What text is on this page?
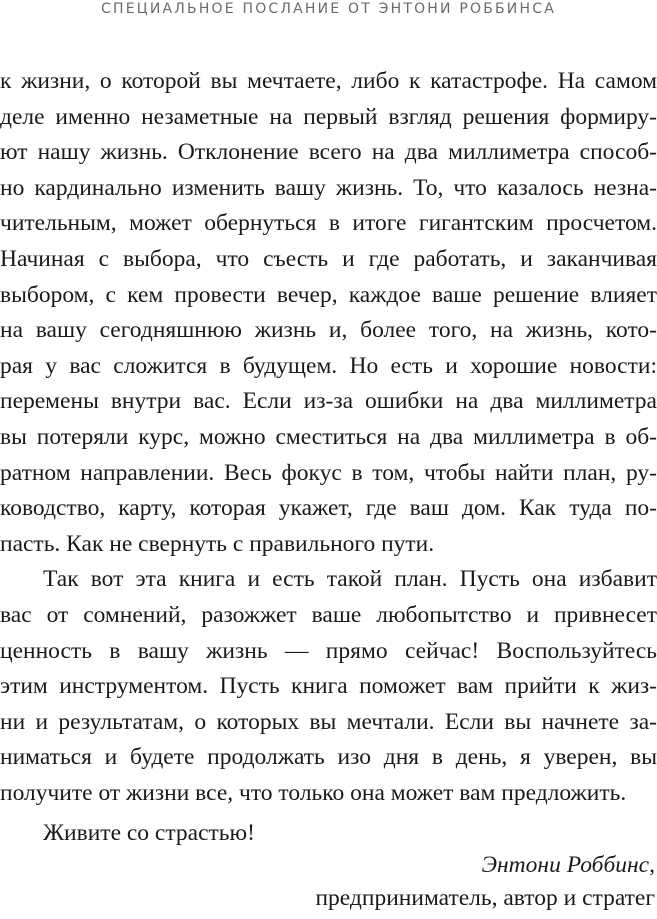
СПЕЦИАЛЬНОЕ ПОСЛАНИЕ ОТ ЭНТОНИ РОББИНСА
к жизни, о которой вы мечтаете, либо к катастрофе. На самом
деле именно незаметные на первый взгляд решения формиру-
ют нашу жизнь. Отклонение всего на два миллиметра способ-
но кардинально изменить вашу жизнь. То, что казалось незна-
чительным, может обернуться в итоге гигантским просчетом.
Начиная с выбора, что съесть и где работать, и заканчивая
выбором, с кем провести вечер, каждое ваше решение влияет
на вашу сегодняшнюю жизнь и, более того, на жизнь, кото-
рая у вас сложится в будущем. Но есть и хорошие новости:
перемены внутри вас. Если из-за ошибки на два миллиметра
вы потеряли курс, можно сместиться на два миллиметра в об-
ратном направлении. Весь фокус в том, чтобы найти план, ру-
ководство, карту, которая укажет, где ваш дом. Как туда по-
пасть. Как не свернуть с правильного пути.
Так вот эта книга и есть такой план. Пусть она избавит
вас от сомнений, разожжет ваше любопытство и привнесет
ценность в вашу жизнь — прямо сейчас! Воспользуйтесь
этим инструментом. Пусть книга поможет вам прийти к жиз-
ни и результатам, о которых вы мечтали. Если вы начнете за-
ниматься и будете продолжать изо дня в день, я уверен, вы
получите от жизни все, что только она может вам предложить.
Живите со страстью!
Энтони Роббинс,
предприниматель, автор и стратег
